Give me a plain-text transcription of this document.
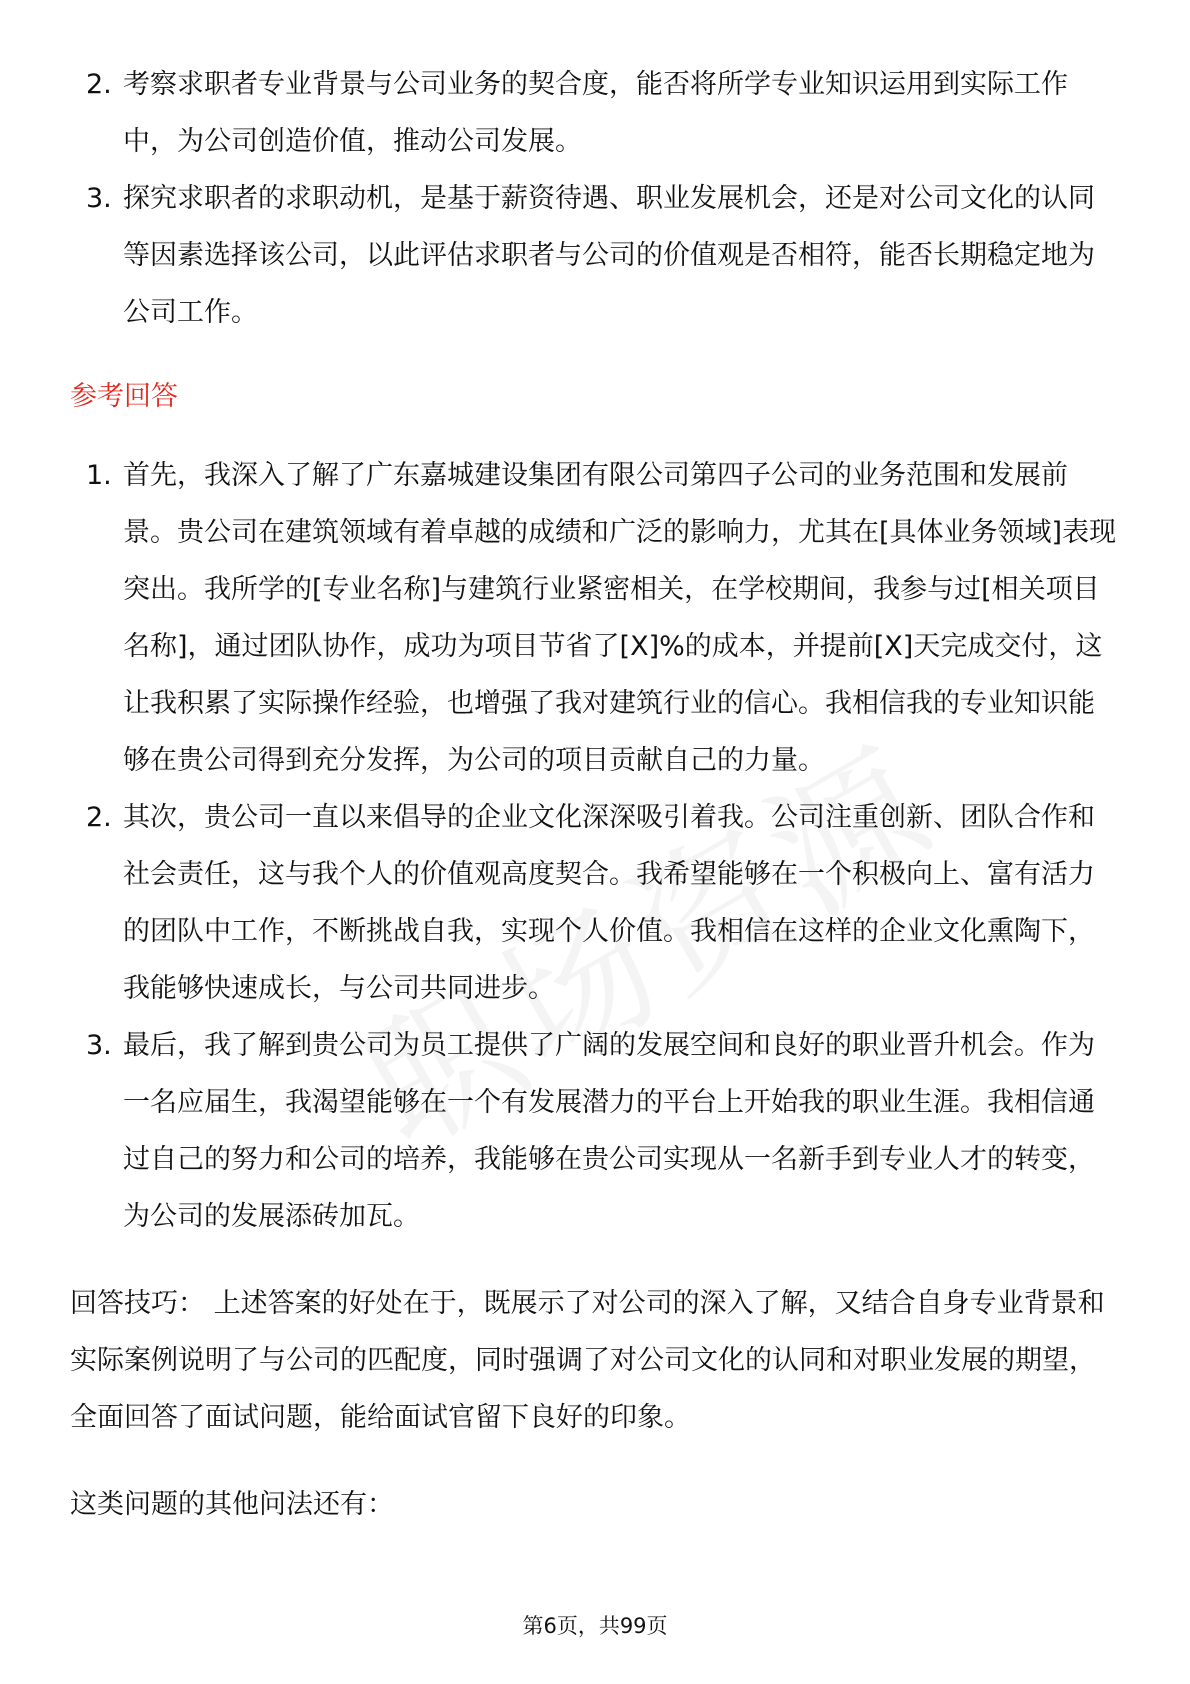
2. 考察求职者专业背景与公司业务的契合度，能否将所学专业知识运用到实际工作中，为公司创造价值，推动公司发展。
3. 探究求职者的求职动机，是基于薪资待遇、职业发展机会，还是对公司文化的认同等因素选择该公司，以此评估求职者与公司的价值观是否相符，能否长期稳定地为公司工作。
参考回答
1. 首先，我深入了解了广东嘉城建设集团有限公司第四子公司的业务范围和发展前景。贵公司在建筑领域有着卓越的成绩和广泛的影响力，尤其在[具体业务领域]表现突出。我所学的[专业名称]与建筑行业紧密相关，在学校期间，我参与过[相关项目名称]，通过团队协作，成功为项目节省了[X]%的成本，并提前[X]天完成交付，这让我积累了实际操作经验，也增强了我对建筑行业的信心。我相信我的专业知识能够在贵公司得到充分发挥，为公司的项目贡献自己的力量。
2. 其次，贵公司一直以来倡导的企业文化深深吸引着我。公司注重创新、团队合作和社会责任，这与我个人的价值观高度契合。我希望能够在一个积极向上、富有活力的团队中工作，不断挑战自我，实现个人价值。我相信在这样的企业文化熏陶下，我能够快速成长，与公司共同进步。
3. 最后，我了解到贵公司为员工提供了广阔的发展空间和良好的职业晋升机会。作为一名应届生，我渴望能够在一个有发展潜力的平台上开始我的职业生涯。我相信通过自己的努力和公司的培养，我能够在贵公司实现从一名新手到专业人才的转变，为公司的发展添砖加瓦。

回答技巧： 上述答案的好处在于，既展示了对公司的深入了解，又结合自身专业背景和实际案例说明了与公司的匹配度，同时强调了对公司文化的认同和对职业发展的期望，全面回答了面试问题，能给面试官留下良好的印象。

这类问题的其他问法还有：

第6页，共99页
